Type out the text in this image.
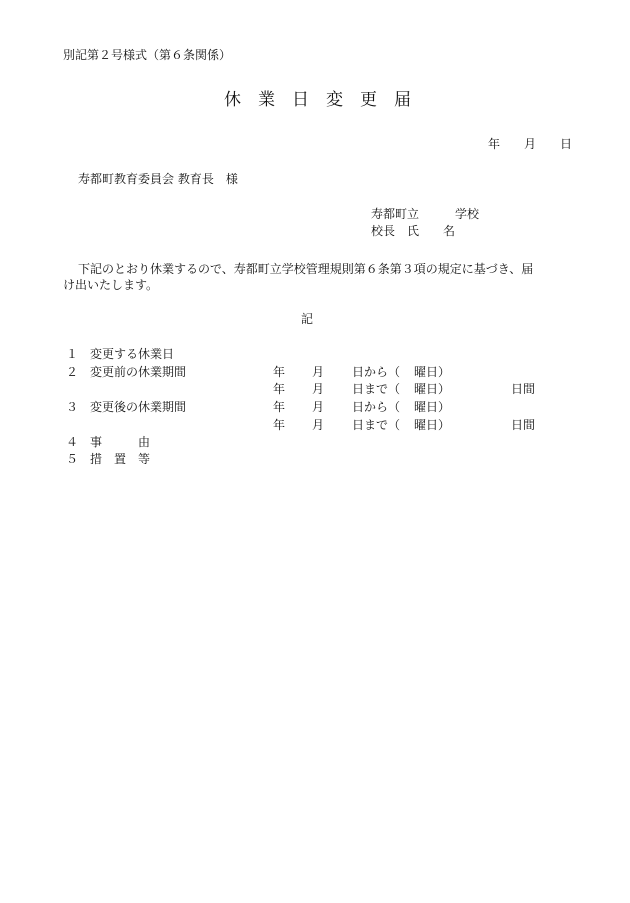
別記第２号様式（第６条関係）
休　業　日　変　更　届
年　　月　　日
寿都町教育委員会 教育長　様
寿都町立　　　学校
校長　氏　　名
下記のとおり休業するので、寿都町立学校管理規則第６条第３項の規定に基づき、届
け出いたします。
記
１ 変更する休業日
２ 変更前の休業期間	年 月 日から（ 　曜日）
年 月 日まで（ 　曜日）	日間
３ 変更後の休業期間	年 月 日から（ 　曜日）
年 月 日まで（ 　曜日）	日間
４ 事　　　由
５ 措　置　等
